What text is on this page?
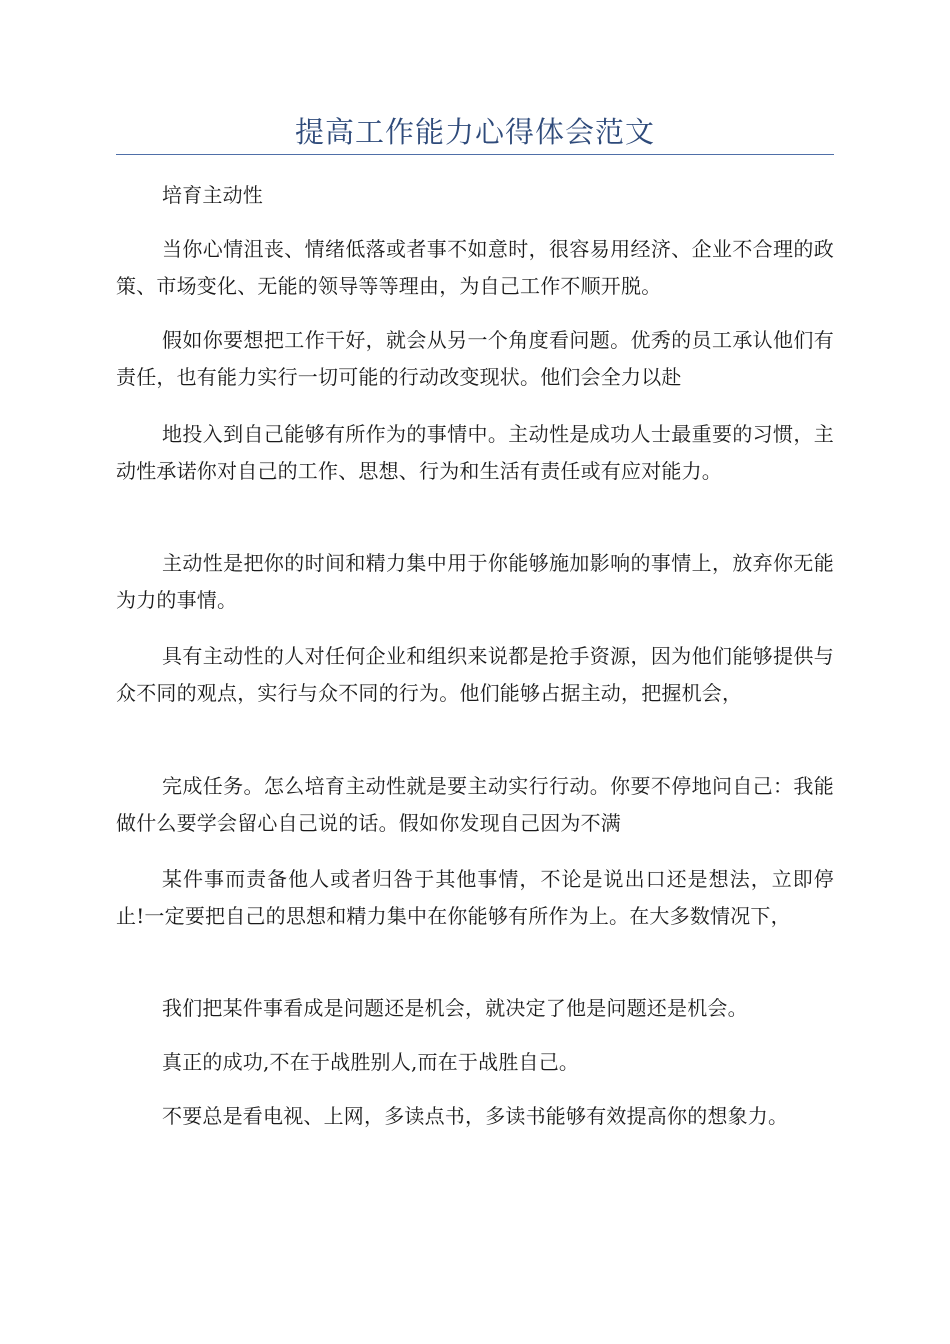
提高工作能力心得体会范文

培育主动性

当你心情沮丧、情绪低落或者事不如意时，很容易用经济、企业不合理的政策、市场变化、无能的领导等等理由，为自己工作不顺开脱。

假如你要想把工作干好，就会从另一个角度看问题。优秀的员工承认他们有责任，也有能力实行一切可能的行动改变现状。他们会全力以赴

地投入到自己能够有所作为的事情中。主动性是成功人士最重要的习惯，主动性承诺你对自己的工作、思想、行为和生活有责任或有应对能力。

主动性是把你的时间和精力集中用于你能够施加影响的事情上，放弃你无能为力的事情。

具有主动性的人对任何企业和组织来说都是抢手资源，因为他们能够提供与众不同的观点，实行与众不同的行为。他们能够占据主动，把握机会，

完成任务。怎么培育主动性就是要主动实行行动。你要不停地问自己：我能做什么要学会留心自己说的话。假如你发现自己因为不满

某件事而责备他人或者归咎于其他事情，不论是说出口还是想法，立即停止!一定要把自己的思想和精力集中在你能够有所作为上。在大多数情况下，

我们把某件事看成是问题还是机会，就决定了他是问题还是机会。

真正的成功,不在于战胜别人,而在于战胜自己。

不要总是看电视、上网，多读点书，多读书能够有效提高你的想象力。
